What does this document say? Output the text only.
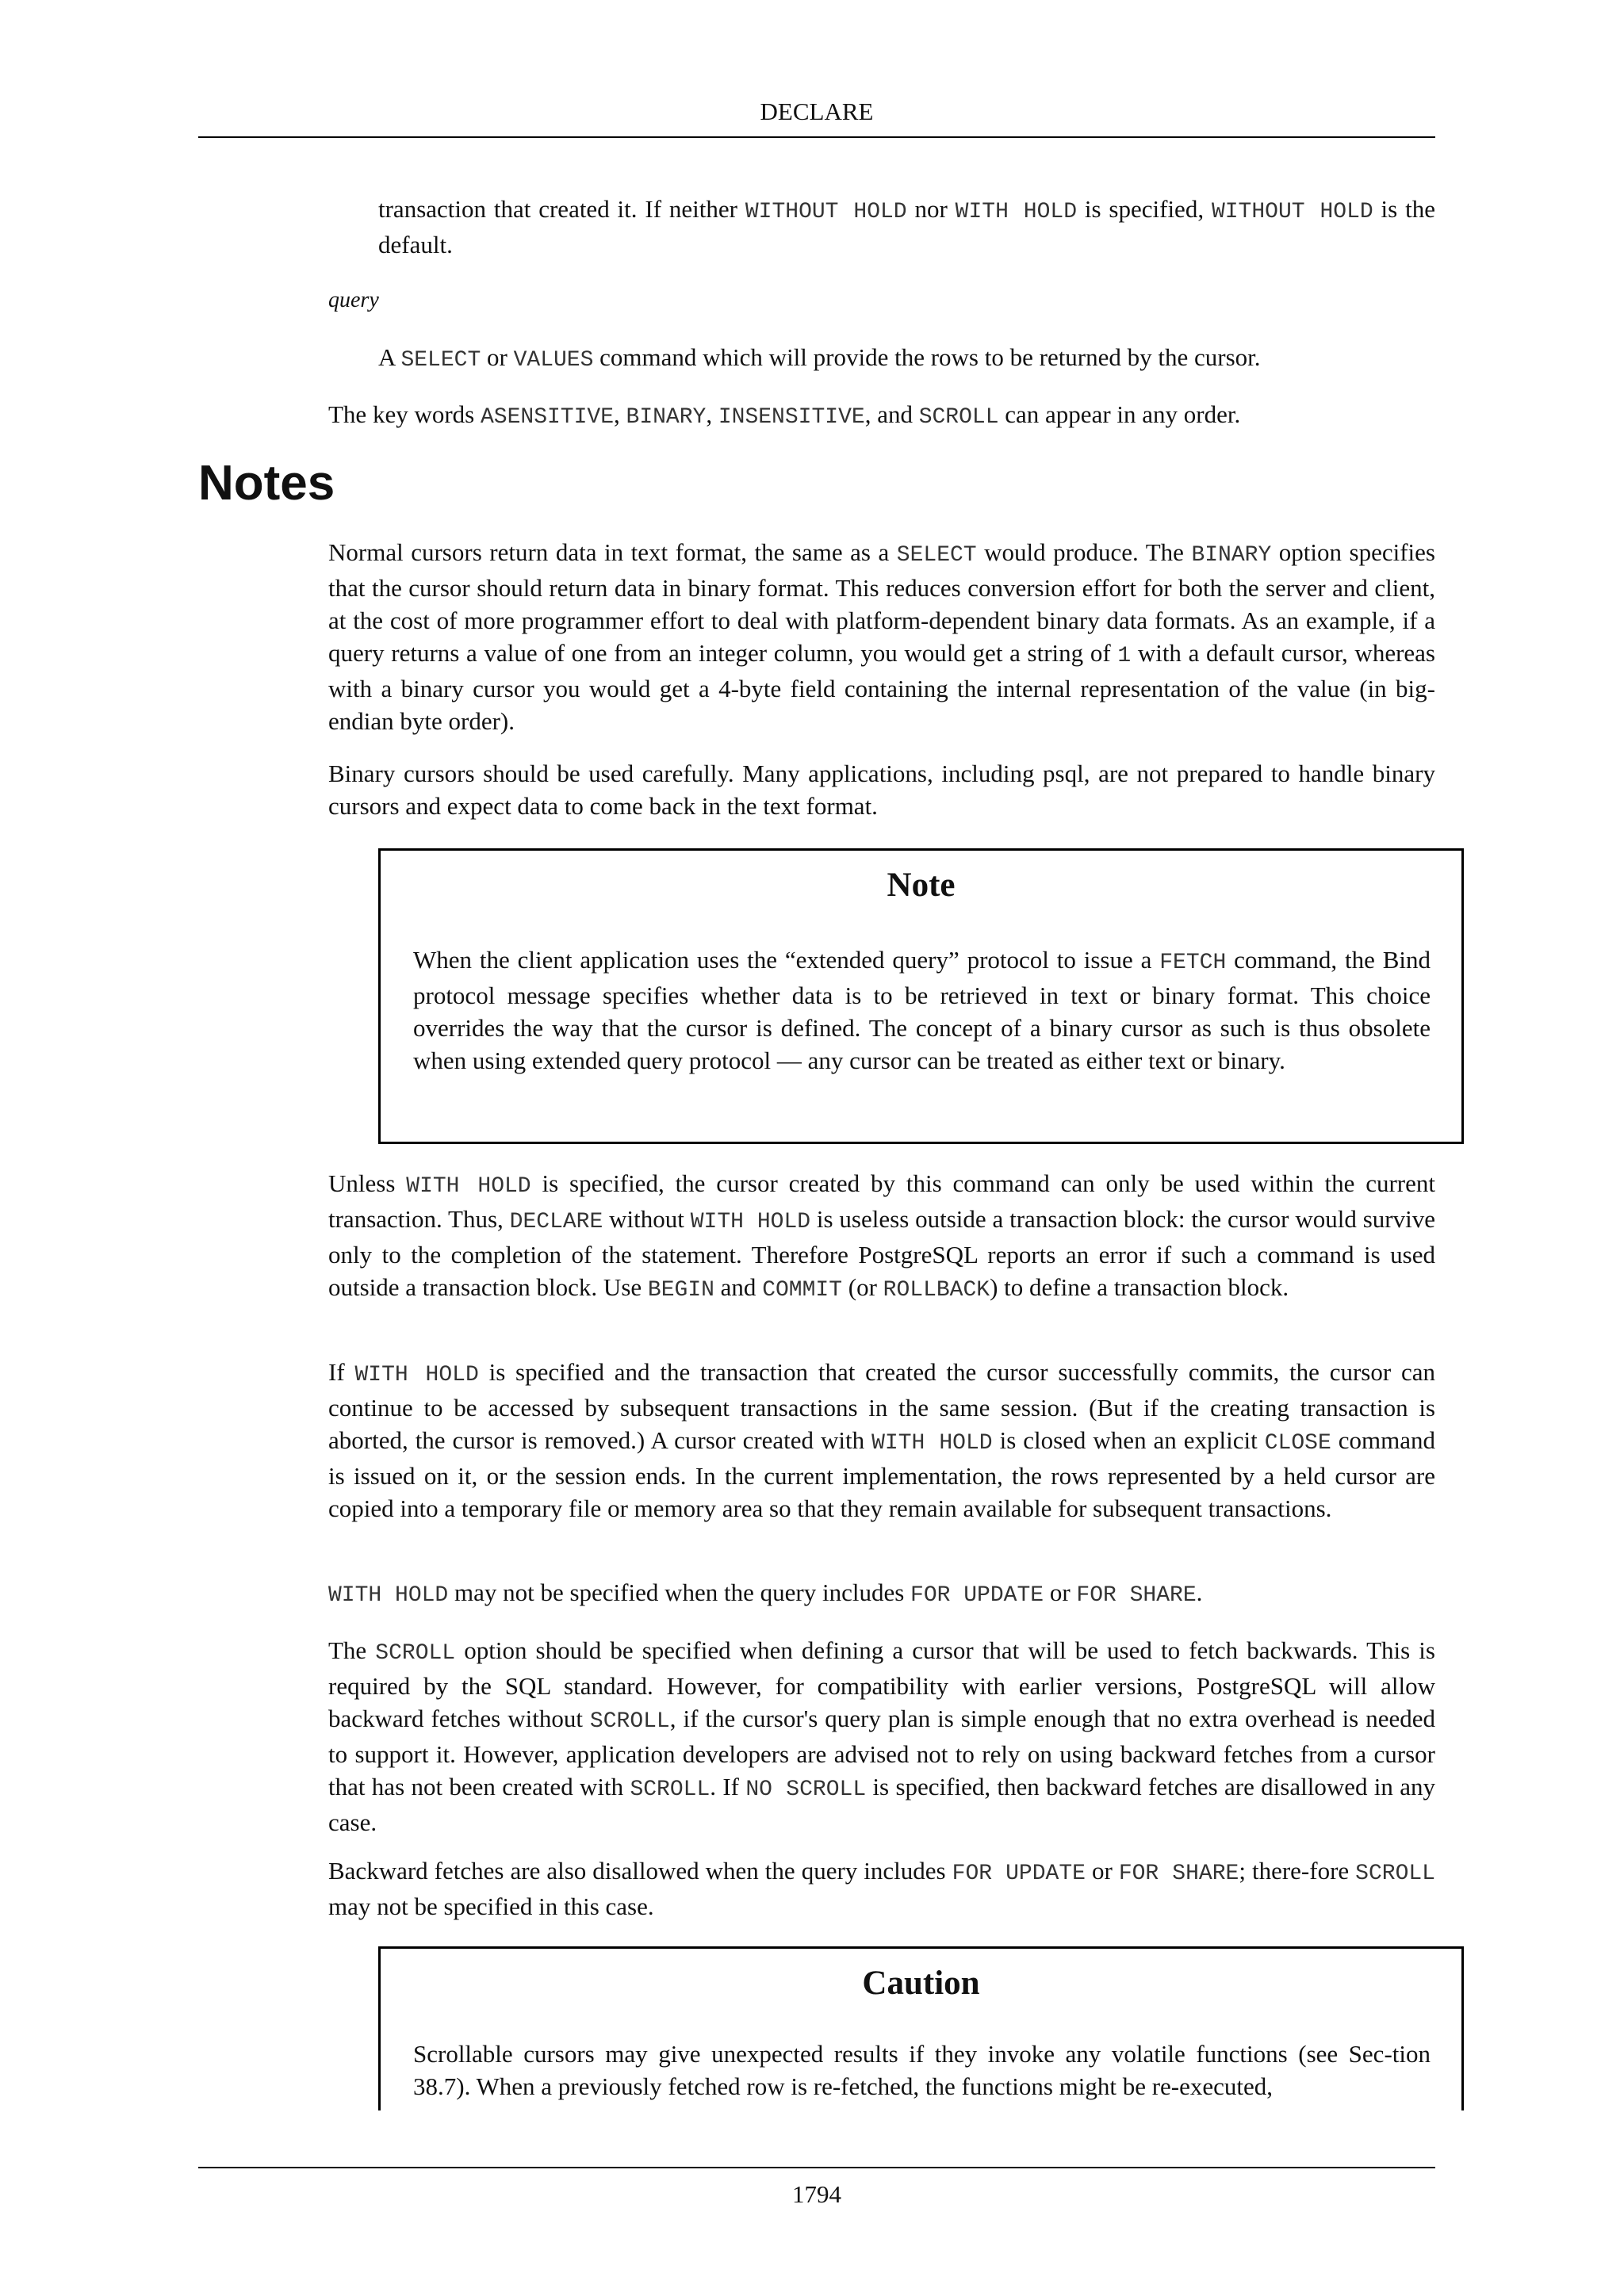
DECLARE

transaction that created it. If neither WITHOUT HOLD nor WITH HOLD is specified, WITHOUT HOLD is the default.

query

A SELECT or VALUES command which will provide the rows to be returned by the cursor.

The key words ASENSITIVE, BINARY, INSENSITIVE, and SCROLL can appear in any order.

Notes

Normal cursors return data in text format, the same as a SELECT would produce. The BINARY option specifies that the cursor should return data in binary format. This reduces conversion effort for both the server and client, at the cost of more programmer effort to deal with platform-dependent binary data formats. As an example, if a query returns a value of one from an integer column, you would get a string of 1 with a default cursor, whereas with a binary cursor you would get a 4-byte field containing the internal representation of the value (in big-endian byte order).

Binary cursors should be used carefully. Many applications, including psql, are not prepared to handle binary cursors and expect data to come back in the text format.

Note

When the client application uses the “extended query” protocol to issue a FETCH command, the Bind protocol message specifies whether data is to be retrieved in text or binary format. This choice overrides the way that the cursor is defined. The concept of a binary cursor as such is thus obsolete when using extended query protocol — any cursor can be treated as either text or binary.

Unless WITH HOLD is specified, the cursor created by this command can only be used within the current transaction. Thus, DECLARE without WITH HOLD is useless outside a transaction block: the cursor would survive only to the completion of the statement. Therefore PostgreSQL reports an error if such a command is used outside a transaction block. Use BEGIN and COMMIT (or ROLLBACK) to define a transaction block.

If WITH HOLD is specified and the transaction that created the cursor successfully commits, the cursor can continue to be accessed by subsequent transactions in the same session. (But if the creating transaction is aborted, the cursor is removed.) A cursor created with WITH HOLD is closed when an explicit CLOSE command is issued on it, or the session ends. In the current implementation, the rows represented by a held cursor are copied into a temporary file or memory area so that they remain available for subsequent transactions.

WITH HOLD may not be specified when the query includes FOR UPDATE or FOR SHARE.

The SCROLL option should be specified when defining a cursor that will be used to fetch backwards. This is required by the SQL standard. However, for compatibility with earlier versions, PostgreSQL will allow backward fetches without SCROLL, if the cursor's query plan is simple enough that no extra overhead is needed to support it. However, application developers are advised not to rely on using backward fetches from a cursor that has not been created with SCROLL. If NO SCROLL is specified, then backward fetches are disallowed in any case.

Backward fetches are also disallowed when the query includes FOR UPDATE or FOR SHARE; there-fore SCROLL may not be specified in this case.

Caution

Scrollable cursors may give unexpected results if they invoke any volatile functions (see Sec-tion 38.7). When a previously fetched row is re-fetched, the functions might be re-executed,

1794
